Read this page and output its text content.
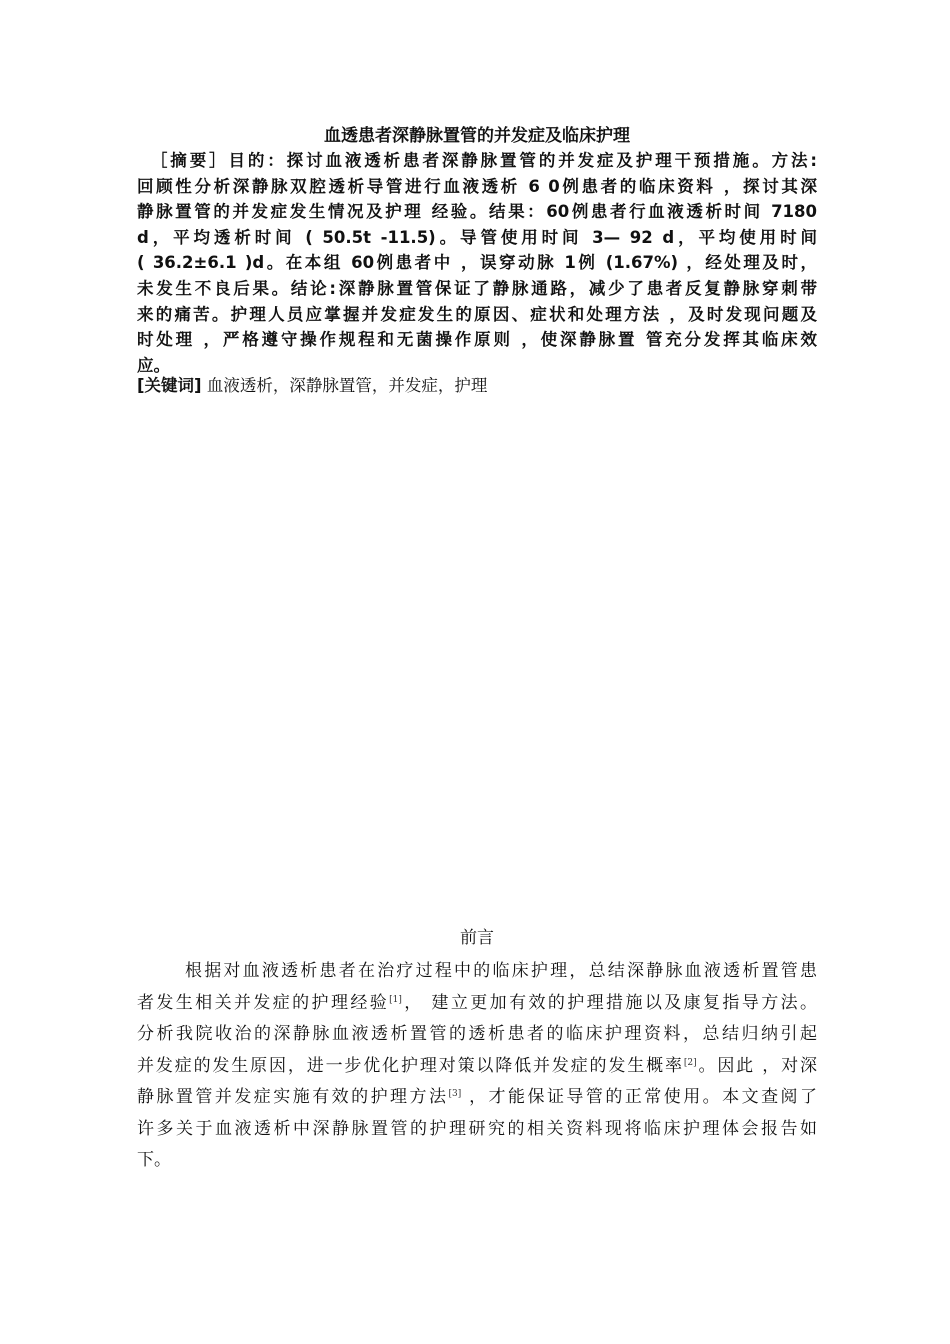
血透患者深静脉置管的并发症及临床护理
［摘要］目的：探讨血液透析患者深静脉置管的并发症及护理干预措施。方法:
回顾性分析深静脉双腔透析导管进行血液透析 6 0例患者的临床资料 ，探讨其深
静脉置管的并发症发生情况及护理 经验。结果：60例患者行血液透析时间 7180
d，平均透析时间 ( 50.5t -11.5)。导管使用时间 3— 92 d，平均使用时间
( 36.2±6.1 )d。在本组 60例患者中 ，误穿动脉 1例 (1.67%) ，经处理及时，
未发生不良后果。结论:深静脉置管保证了静脉通路，减少了患者反复静脉穿刺带
来的痛苦。护理人员应掌握并发症发生的原因、症状和处理方法 ，及时发现问题及
时处理 ，严格遵守操作规程和无菌操作原则 ，使深静脉置 管充分发挥其临床效
应。
[关键词] 血液透析，深静脉置管，并发症，护理
前言
根据对血液透析患者在治疗过程中的临床护理，总结深静脉血液透析置管患
者发生相关并发症的护理经验[1]， 建立更加有效的护理措施以及康复指导方法。
分析我院收治的深静脉血液透析置管的透析患者的临床护理资料，总结归纳引起
并发症的发生原因，进一步优化护理对策以降低并发症的发生概率[2]。因此 ，对深
静脉置管并发症实施有效的护理方法[3] ，才能保证导管的正常使用。本文查阅了
许多关于血液透析中深静脉置管的护理研究的相关资料现将临床护理体会报告如
下。
